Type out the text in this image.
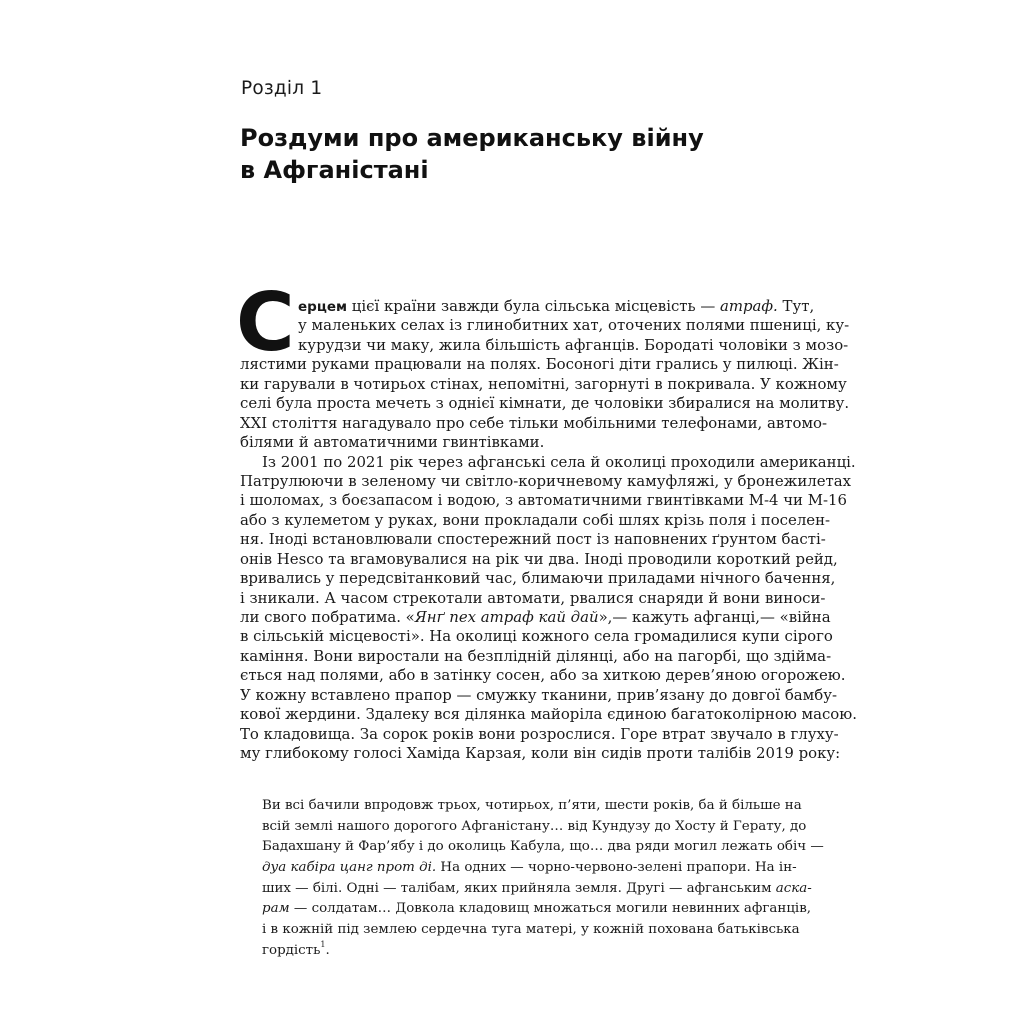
Розділ 1
Роздуми про американську війну
в Афганістані
С ерцем цієї країни завжди була сільська місцевість — атраф. Тут,
у маленьких селах із глинобитних хат, оточених полями пшениці, ку-
курудзи чи маку, жила більшість афганців. Бородаті чоловіки з мозо-
лястими руками працювали на полях. Босоногі діти грались у пилюці. Жін-
ки гарували в чотирьох стінах, непомітні, загорнуті в покривала. У кожному
селі була проста мечеть з однієї кімнати, де чоловіки збиралися на молитву.
XXI століття нагадувало про себе тільки мобільними телефонами, автомо-
білями й автоматичними гвинтівками.
Із 2001 по 2021 рік через афганські села й околиці проходили американці.
Патрулюючи в зеленому чи світло-коричневому камуфляжі, у бронежилетах
і шоломах, з боєзапасом і водою, з автоматичними гвинтівками М-4 чи М-16
або з кулеметом у руках, вони прокладали собі шлях крізь поля і поселен-
ня. Іноді встановлювали спостережний пост із наповнених ґрунтом басті-
онів Hesco та вгамовувалися на рік чи два. Іноді проводили короткий рейд,
вривались у передсвітанковий час, блимаючи приладами нічного бачення,
і зникали. А часом стрекотали автомати, рвалися снаряди й вони виноси-
ли свого побратима. «Янґ пех атраф кай дай»,— кажуть афганці,— «війна
в сільській місцевості». На околиці кожного села громадилися купи сірого
каміння. Вони виростали на безплідній ділянці, або на пагорбі, що здійма-
ється над полями, або в затінку сосен, або за хиткою дерев’яною огорожею.
У кожну вставлено прапор — смужку тканини, прив’язану до довгої бамбу-
кової жердини. Здалеку вся ділянка майоріла єдиною багатоколірною масою.
То кладовища. За сорок років вони розрослися. Горе втрат звучало в глуху-
му глибокому голосі Хаміда Карзая, коли він сидів проти талібів 2019 року:
Ви всі бачили впродовж трьох, чотирьох, п’яти, шести років, ба й більше на
всій землі нашого дорогого Афганістану… від Кундузу до Хосту й Герату, до
Бадахшану й Фар’ябу і до околиць Кабула, що… два ряди могил лежать обіч —
дуа кабіра цанг прот ді. На одних — чорно-червоно-зелені прапори. На ін-
ших — білі. Одні — талібам, яких прийняла земля. Другі — афганським аска-
рам — солдатам… Довкола кладовищ множаться могили невинних афганців,
і в кожній під землею сердечна туга матері, у кожній похована батьківська
гордість$^1$.
